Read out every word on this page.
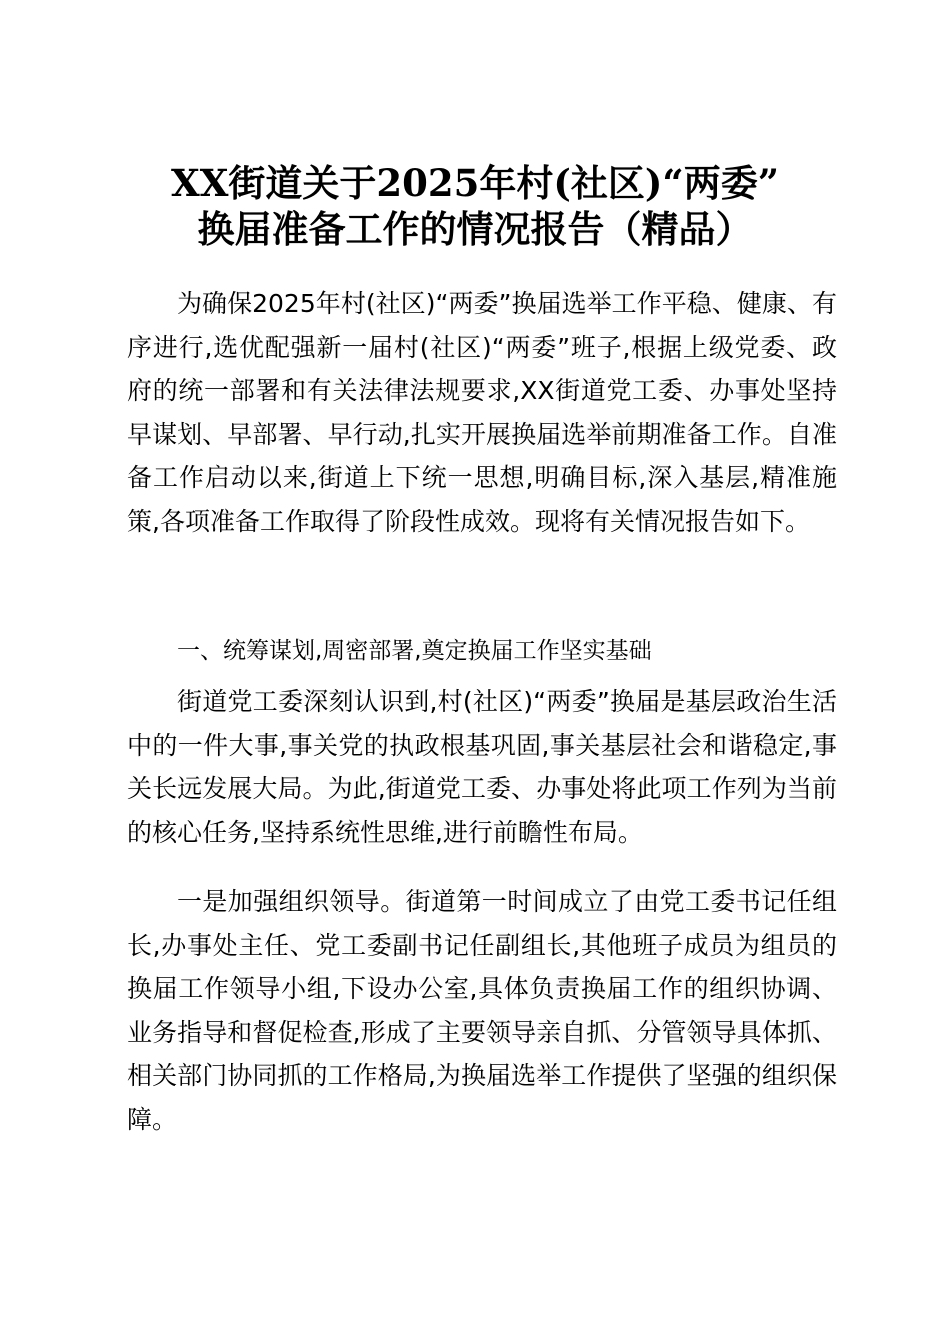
XX街道关于2025年村(社区)“两委”
换届准备工作的情况报告（精品）

为确保2025年村(社区)“两委”换届选举工作平稳、健康、有序进行,选优配强新一届村(社区)“两委”班子,根据上级党委、政府的统一部署和有关法律法规要求,XX街道党工委、办事处坚持早谋划、早部署、早行动,扎实开展换届选举前期准备工作。自准备工作启动以来,街道上下统一思想,明确目标,深入基层,精准施策,各项准备工作取得了阶段性成效。现将有关情况报告如下。

一、统筹谋划,周密部署,奠定换届工作坚实基础

街道党工委深刻认识到,村(社区)“两委”换届是基层政治生活中的一件大事,事关党的执政根基巩固,事关基层社会和谐稳定,事关长远发展大局。为此,街道党工委、办事处将此项工作列为当前的核心任务,坚持系统性思维,进行前瞻性布局。

一是加强组织领导。街道第一时间成立了由党工委书记任组长,办事处主任、党工委副书记任副组长,其他班子成员为组员的换届工作领导小组,下设办公室,具体负责换届工作的组织协调、业务指导和督促检查,形成了主要领导亲自抓、分管领导具体抓、相关部门协同抓的工作格局,为换届选举工作提供了坚强的组织保障。
